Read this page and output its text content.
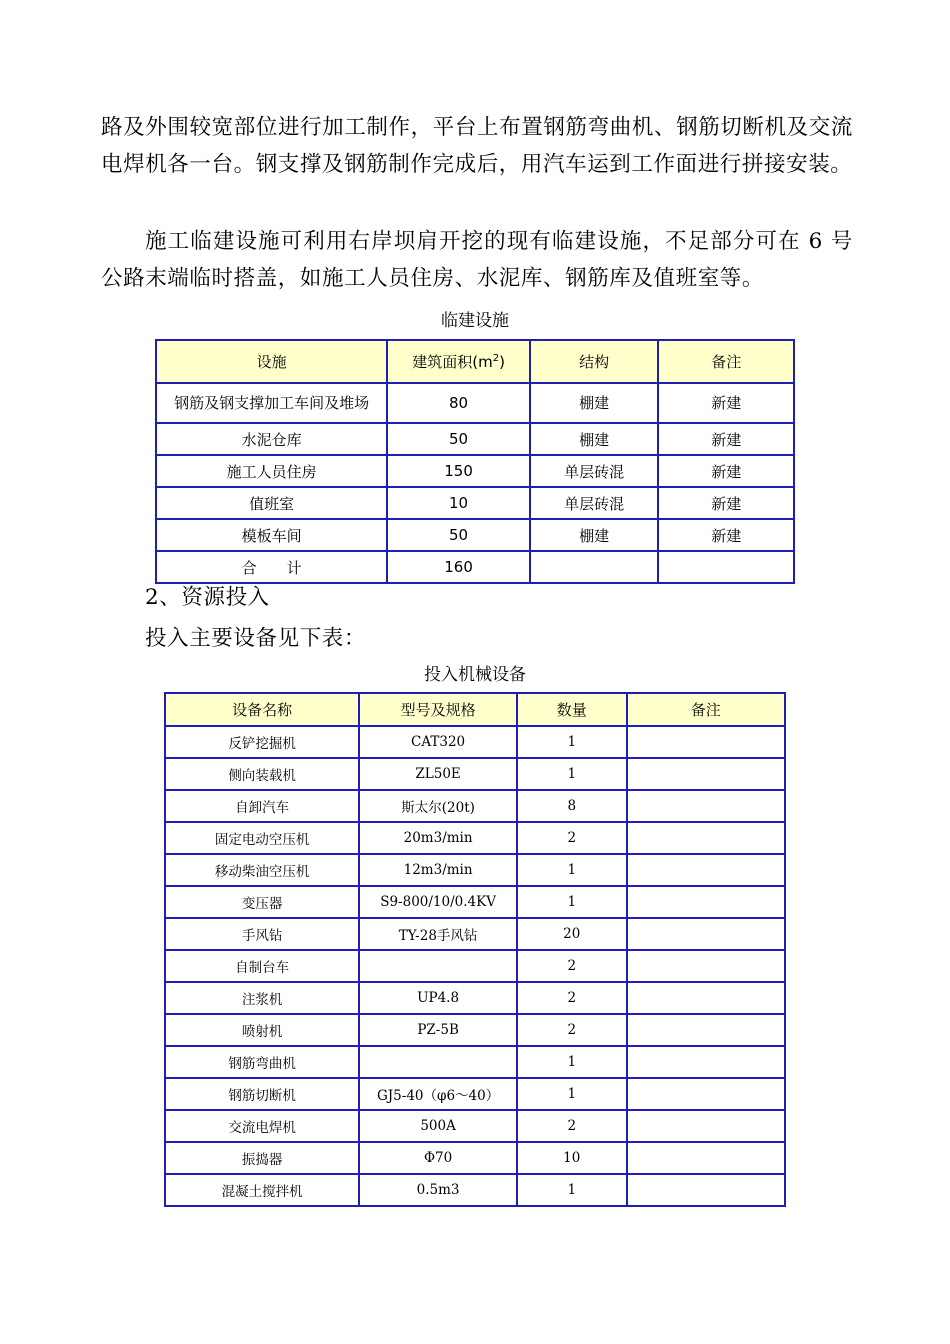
路及外围较宽部位进行加工制作，平台上布置钢筋弯曲机、钢筋切断机及交流电焊机各一台。钢支撑及钢筋制作完成后，用汽车运到工作面进行拼接安装。

施工临建设施可利用右岸坝肩开挖的现有临建设施，不足部分可在 6 号公路末端临时搭盖，如施工人员住房、水泥库、钢筋库及值班室等。

临建设施
设施	建筑面积$(m^2)$	结构	备注
钢筋及钢支撑加工车间及堆场	80	棚建	新建
水泥仓库	50	棚建	新建
施工人员住房	150	单层砖混	新建
值班室	10	单层砖混	新建
模板车间	50	棚建	新建
合　　计	160		
2、资源投入
投入主要设备见下表：
投入机械设备
设备名称	型号及规格	数量	备注
反铲挖掘机	CAT320	1	
侧向装载机	ZL50E	1	
自卸汽车	斯太尔(20t)	8	
固定电动空压机	20m3/min	2	
移动柴油空压机	12m3/min	1	
变压器	S9-800/10/0.4KV	1	
手风钻	TY-28手风钻	20	
自制台车		2	
注浆机	UP4.8	2	
喷射机	PZ-5B	2	
钢筋弯曲机		1	
钢筋切断机	GJ5-40（φ6～40）	1	
交流电焊机	500A	2	
振捣器	Φ70	10	
混凝土搅拌机	0.5m3	1	
